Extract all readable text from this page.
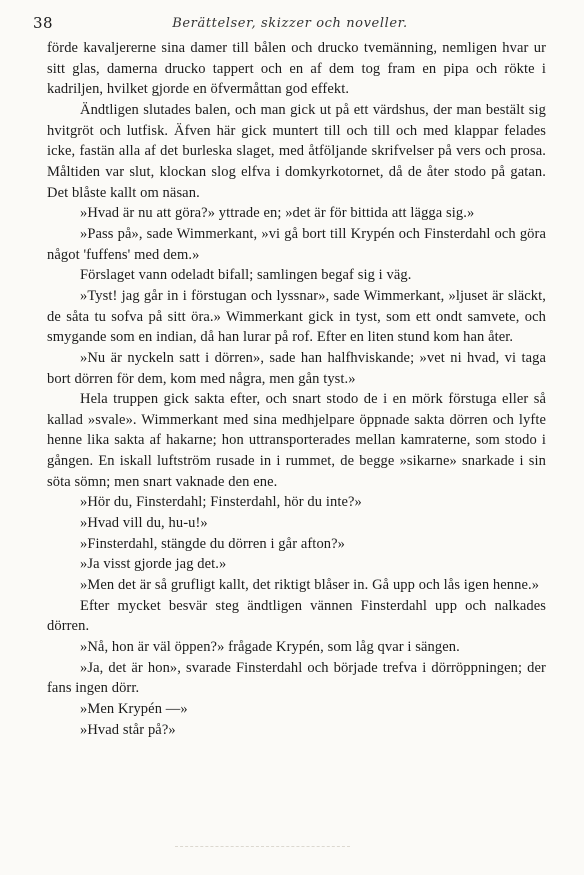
38	Berättelser, skizzer och noveller.

förde kavaljererne sina damer till bålen och drucko tvemänning, nemligen hvar ur sitt glas, damerna drucko tappert och en af dem tog fram en pipa och rökte i kadriljen, hvilket gjorde en öfvermåttan god effekt.

Ändtligen slutades balen, och man gick ut på ett värdshus, der man bestält sig hvitgröt och lutfisk. Äfven här gick muntert till och till och med klappar felades icke, fastän alla af det burleska slaget, med åtföljande skrifvelser på vers och prosa. Måltiden var slut, klockan slog elfva i domkyrkotornet, då de åter stodo på gatan. Det blåste kallt om näsan.

»Hvad är nu att göra?» yttrade en; »det är för bittida att lägga sig.»

»Pass på», sade Wimmerkant, »vi gå bort till Krypén och Finsterdahl och göra något 'fuffens' med dem.»

Förslaget vann odeladt bifall; samlingen begaf sig i väg.

»Tyst! jag går in i förstugan och lyssnar», sade Wimmerkant, »ljuset är släckt, de såta tu sofva på sitt öra.» Wimmerkant gick in tyst, som ett ondt samvete, och smygande som en indian, då han lurar på rof. Efter en liten stund kom han åter.

»Nu är nyckeln satt i dörren», sade han halfhviskande; »vet ni hvad, vi taga bort dörren för dem, kom med några, men gån tyst.»

Hela truppen gick sakta efter, och snart stodo de i en mörk förstuga eller så kallad »svale». Wimmerkant med sina medhjelpare öppnade sakta dörren och lyfte henne lika sakta af hakarne; hon uttransporterades mellan kamraterne, som stodo i gången. En iskall luftström rusade in i rummet, de begge »sikarne» snarkade i sin söta sömn; men snart vaknade den ene.

»Hör du, Finsterdahl; Finsterdahl, hör du inte?»

»Hvad vill du, hu-u!»

»Finsterdahl, stängde du dörren i går afton?»

»Ja visst gjorde jag det.»

»Men det är så grufligt kallt, det riktigt blåser in. Gå upp och lås igen henne.»

Efter mycket besvär steg ändtligen vännen Finsterdahl upp och nalkades dörren.

»Nå, hon är väl öppen?» frågade Krypén, som låg qvar i sängen.

»Ja, det är hon», svarade Finsterdahl och började trefva i dörröppningen; der fans ingen dörr.

»Men Krypén —»

»Hvad står på?»
